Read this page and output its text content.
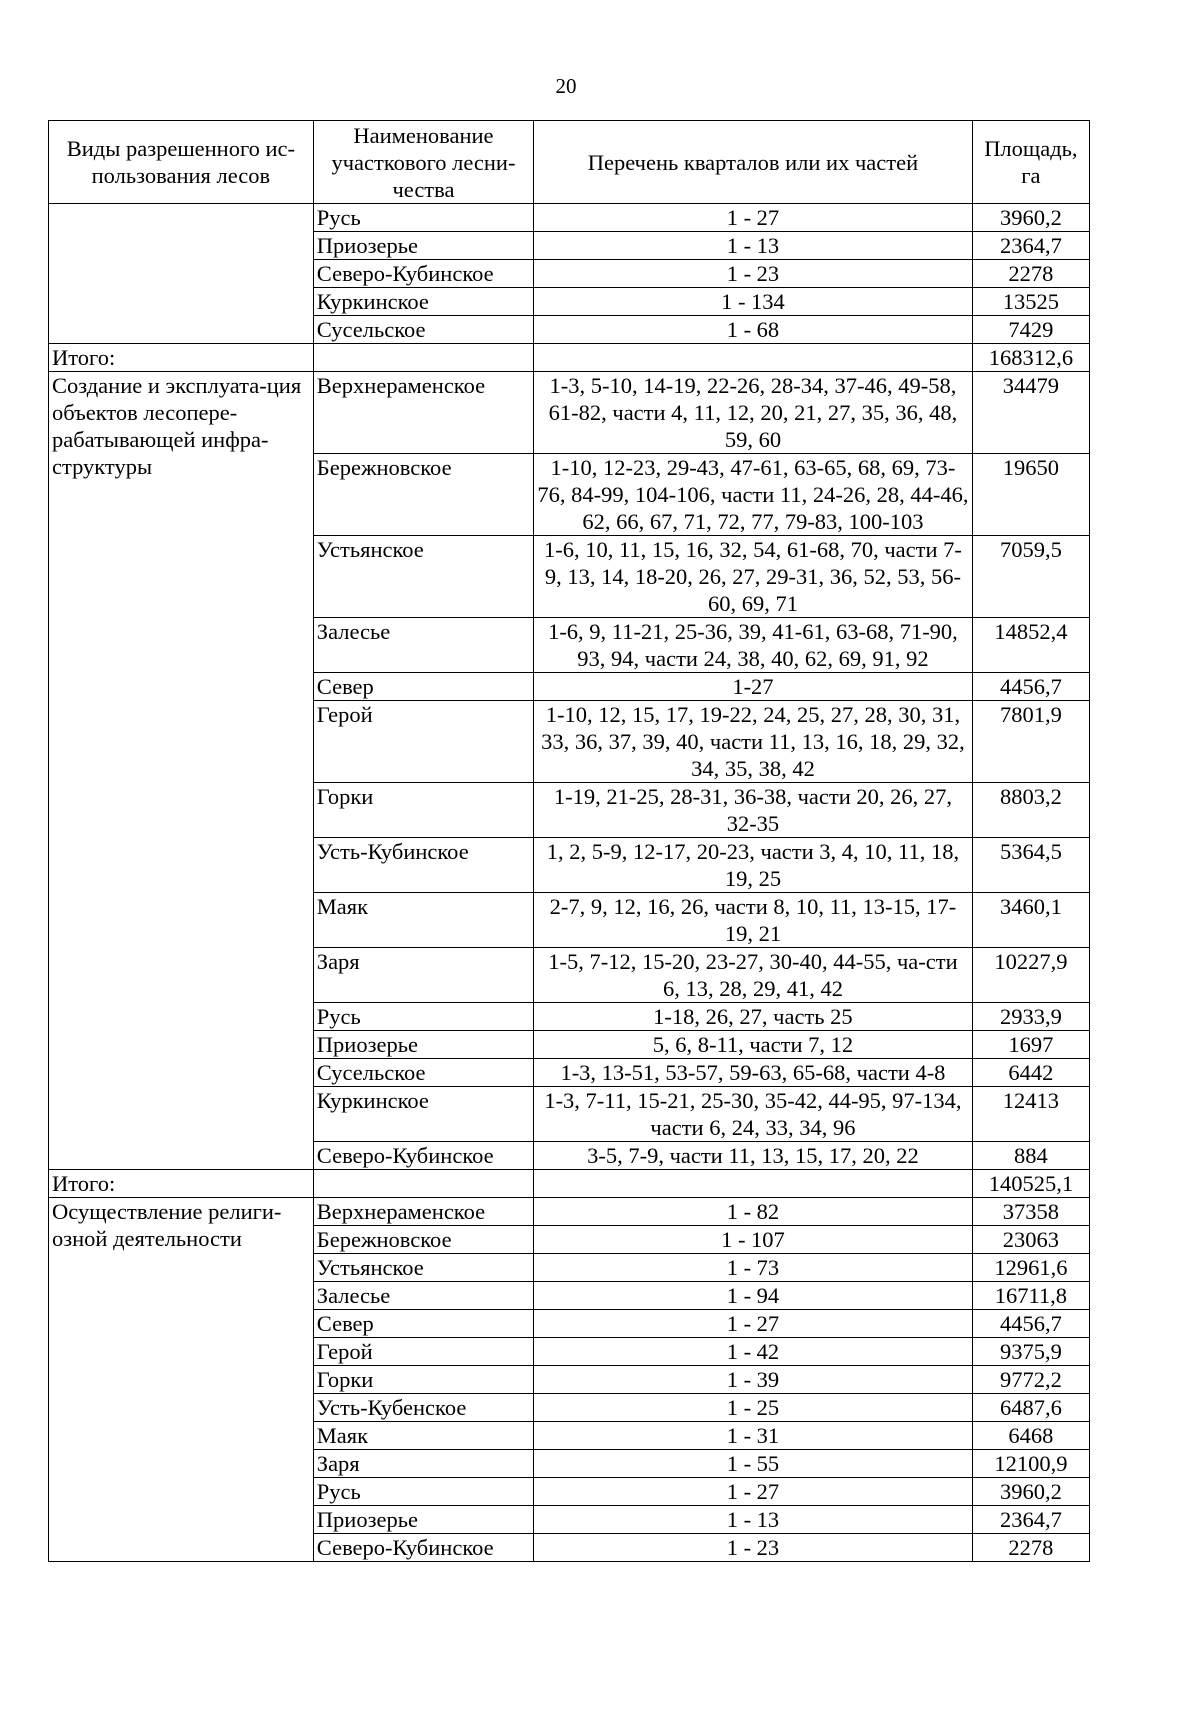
20
Виды разрешенного ис-пользования лесов	Наименование участкового лесни-чества	Перечень кварталов или их частей	Площадь, га
	Русь	1 - 27	3960,2
	Приозерье	1 - 13	2364,7
	Северо-Кубинское	1 - 23	2278
	Куркинское	1 - 134	13525
	Сусельское	1 - 68	7429
Итого:			168312,6
Создание и эксплуата-ция объектов лесопере-рабатывающей инфра-структуры	Верхнераменское	1-3, 5-10, 14-19, 22-26, 28-34, 37-46, 49-58, 61-82, части 4, 11, 12, 20, 21, 27, 35, 36, 48, 59, 60	34479
	Бережновское	1-10, 12-23, 29-43, 47-61, 63-65, 68, 69, 73-76, 84-99, 104-106, части 11, 24-26, 28, 44-46, 62, 66, 67, 71, 72, 77, 79-83, 100-103	19650
	Устьянское	1-6, 10, 11, 15, 16, 32, 54, 61-68, 70, части 7-9, 13, 14, 18-20, 26, 27, 29-31, 36, 52, 53, 56-60, 69, 71	7059,5
	Залесье	1-6, 9, 11-21, 25-36, 39, 41-61, 63-68, 71-90, 93, 94, части 24, 38, 40, 62, 69, 91, 92	14852,4
	Север	1-27	4456,7
	Герой	1-10, 12, 15, 17, 19-22, 24, 25, 27, 28, 30, 31, 33, 36, 37, 39, 40, части 11, 13, 16, 18, 29, 32, 34, 35, 38, 42	7801,9
	Горки	1-19, 21-25, 28-31, 36-38, части 20, 26, 27, 32-35	8803,2
	Усть-Кубинское	1, 2, 5-9, 12-17, 20-23, части 3, 4, 10, 11, 18, 19, 25	5364,5
	Маяк	2-7, 9, 12, 16, 26, части 8, 10, 11, 13-15, 17-19, 21	3460,1
	Заря	1-5, 7-12, 15-20, 23-27, 30-40, 44-55, ча-сти 6, 13, 28, 29, 41, 42	10227,9
	Русь	1-18, 26, 27, часть 25	2933,9
	Приозерье	5, 6, 8-11, части 7, 12	1697
	Сусельское	1-3, 13-51, 53-57, 59-63, 65-68, части 4-8	6442
	Куркинское	1-3, 7-11, 15-21, 25-30, 35-42, 44-95, 97-134, части 6, 24, 33, 34, 96	12413
	Северо-Кубинское	3-5, 7-9, части 11, 13, 15, 17, 20, 22	884
Итого:			140525,1
Осуществление религи-озной деятельности	Верхнераменское	1 - 82	37358
	Бережновское	1 - 107	23063
	Устьянское	1 - 73	12961,6
	Залесье	1 - 94	16711,8
	Север	1 - 27	4456,7
	Герой	1 - 42	9375,9
	Горки	1 - 39	9772,2
	Усть-Кубенское	1 - 25	6487,6
	Маяк	1 - 31	6468
	Заря	1 - 55	12100,9
	Русь	1 - 27	3960,2
	Приозерье	1 - 13	2364,7
	Северо-Кубинское	1 - 23	2278
